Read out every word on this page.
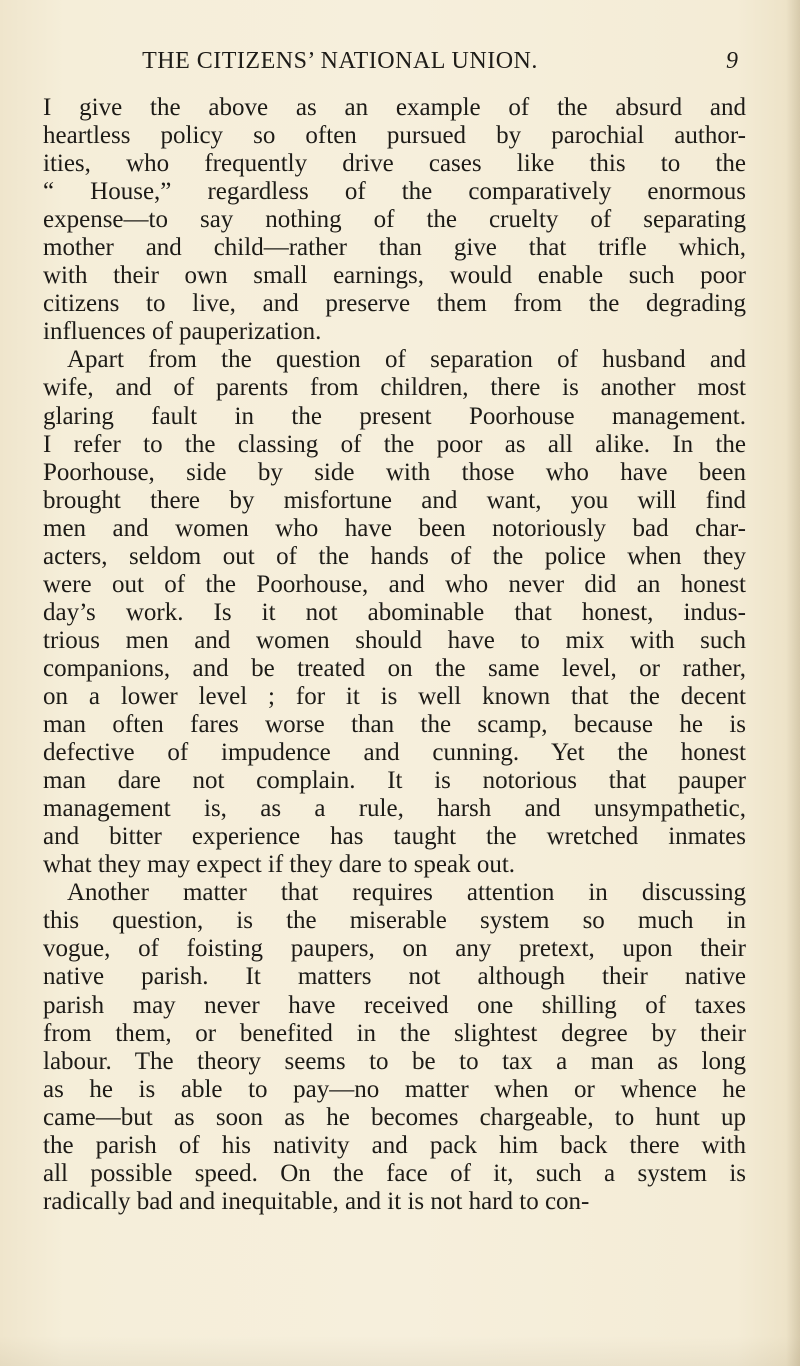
THE CITIZENS’ NATIONAL UNION.	9
I give the above as an example of the absurd and
heartless policy so often pursued by parochial author-
ities, who frequently drive cases like this to the
“ House,” regardless of the comparatively enormous
expense—to say nothing of the cruelty of separating
mother and child—rather than give that trifle which,
with their own small earnings, would enable such poor
citizens to live, and preserve them from the degrading
influences of pauperization.
Apart from the question of separation of husband and
wife, and of parents from children, there is another most
glaring fault in the present Poorhouse management.
I refer to the classing of the poor as all alike. In the
Poorhouse, side by side with those who have been
brought there by misfortune and want, you will find
men and women who have been notoriously bad char-
acters, seldom out of the hands of the police when they
were out of the Poorhouse, and who never did an honest
day’s work. Is it not abominable that honest, indus-
trious men and women should have to mix with such
companions, and be treated on the same level, or rather,
on a lower level ; for it is well known that the decent
man often fares worse than the scamp, because he is
defective of impudence and cunning. Yet the honest
man dare not complain. It is notorious that pauper
management is, as a rule, harsh and unsympathetic,
and bitter experience has taught the wretched inmates
what they may expect if they dare to speak out.
Another matter that requires attention in discussing
this question, is the miserable system so much in
vogue, of foisting paupers, on any pretext, upon their
native parish. It matters not although their native
parish may never have received one shilling of taxes
from them, or benefited in the slightest degree by their
labour. The theory seems to be to tax a man as long
as he is able to pay—no matter when or whence he
came—but as soon as he becomes chargeable, to hunt up
the parish of his nativity and pack him back there with
all possible speed. On the face of it, such a system is
radically bad and inequitable, and it is not hard to con-
